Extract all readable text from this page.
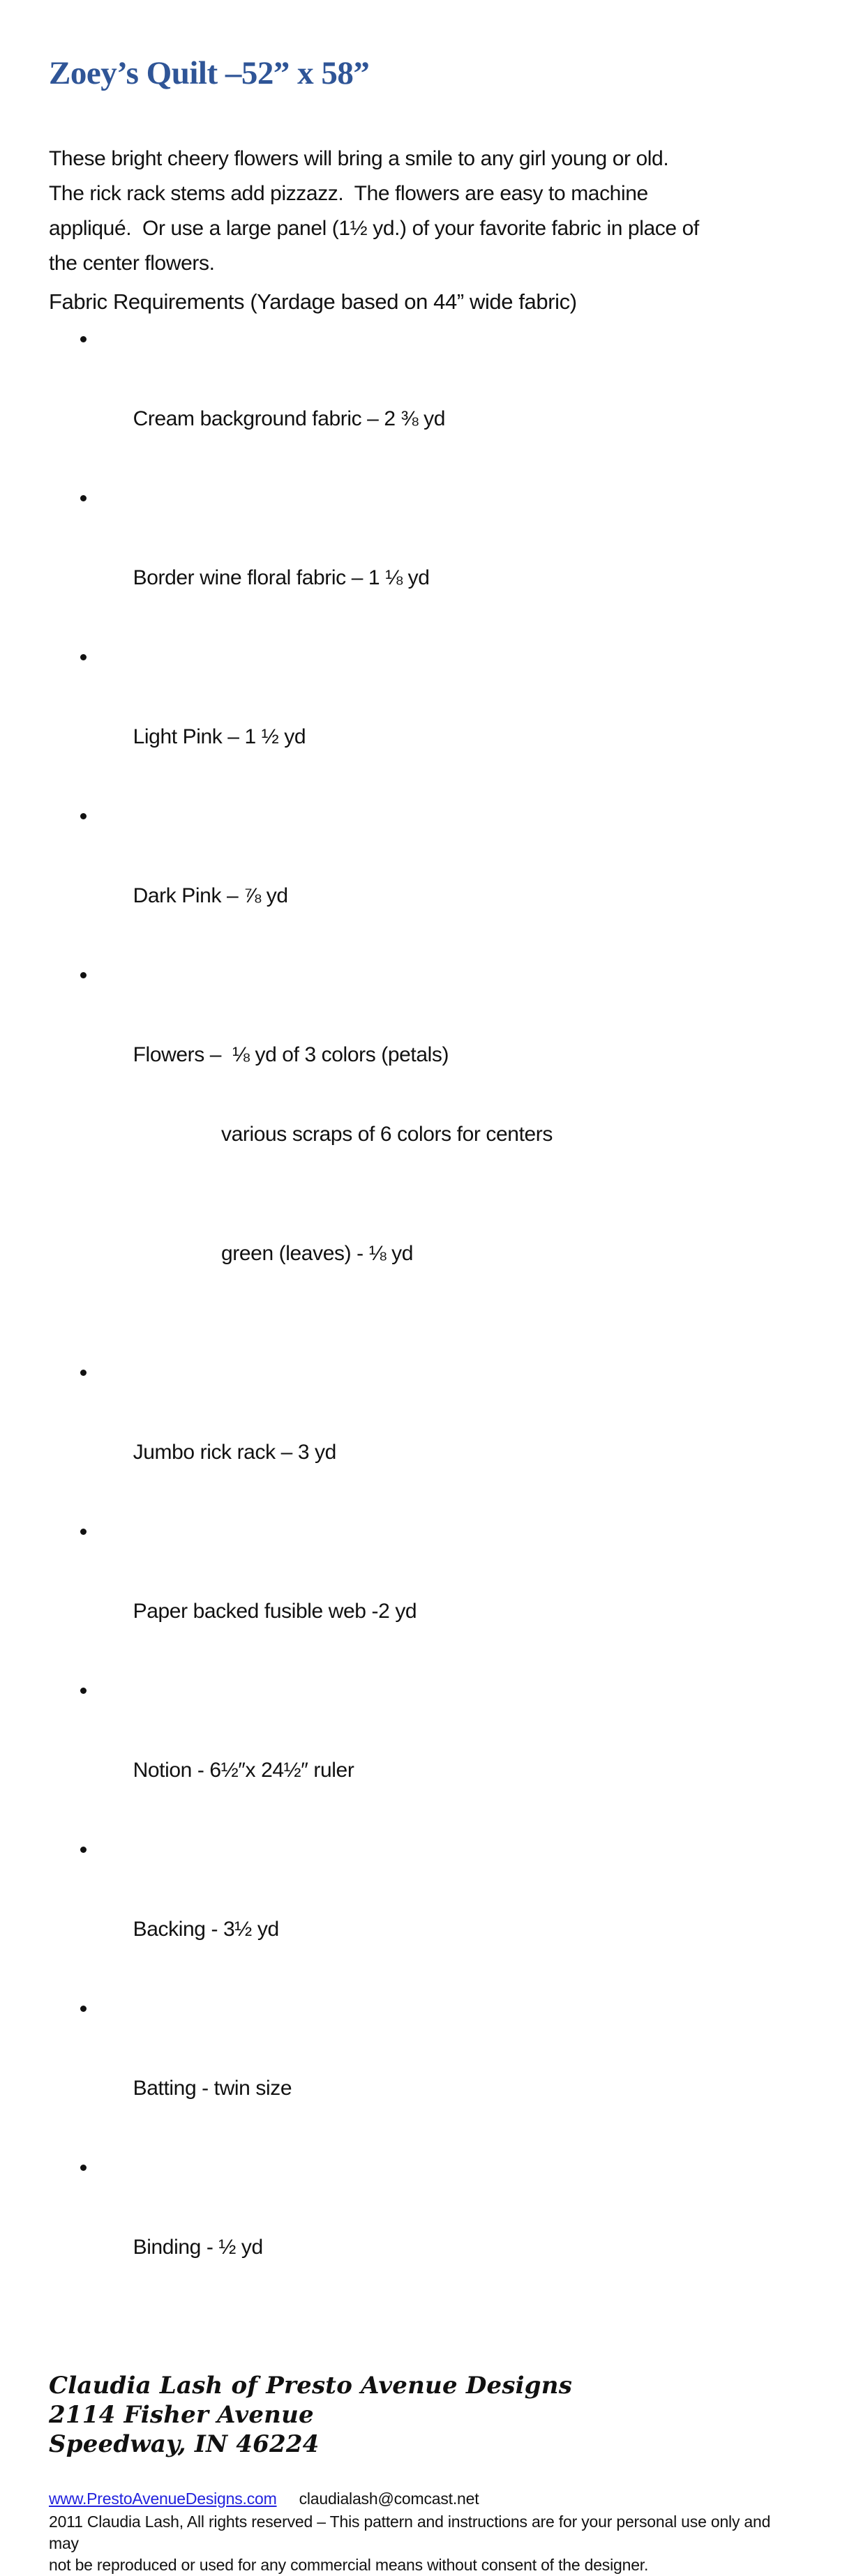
Zoey’s Quilt –52” x 58”
These bright cheery flowers will bring a smile to any girl young or old.
The rick rack stems add pizzazz.  The flowers are easy to machine
appliqué.  Or use a large panel (1½ yd.) of your favorite fabric in place of
the center flowers.
Fabric Requirements (Yardage based on 44” wide fabric)

Cream background fabric – 2 ⅜ yd

Border wine floral fabric – 1 ⅛ yd

Light Pink – 1 ½ yd

Dark Pink – ⅞ yd

Flowers –  ⅛ yd of 3 colors (petals)

various scraps of 6 colors for centers

green (leaves) - ⅛ yd

Jumbo rick rack – 3 yd

Paper backed fusible web -2 yd

Notion - 6½″x 24½″ ruler

Backing - 3½ yd

Batting - twin size

Binding - ½ yd

Claudia Lash of Presto Avenue Designs
2114 Fisher Avenue
Speedway, IN 46224
www.PrestoAvenueDesigns.com claudialash@comcast.net
2011 Claudia Lash, All rights reserved – This pattern and instructions are for your personal use only and may
not be reproduced or used for any commercial means without consent of the designer.
